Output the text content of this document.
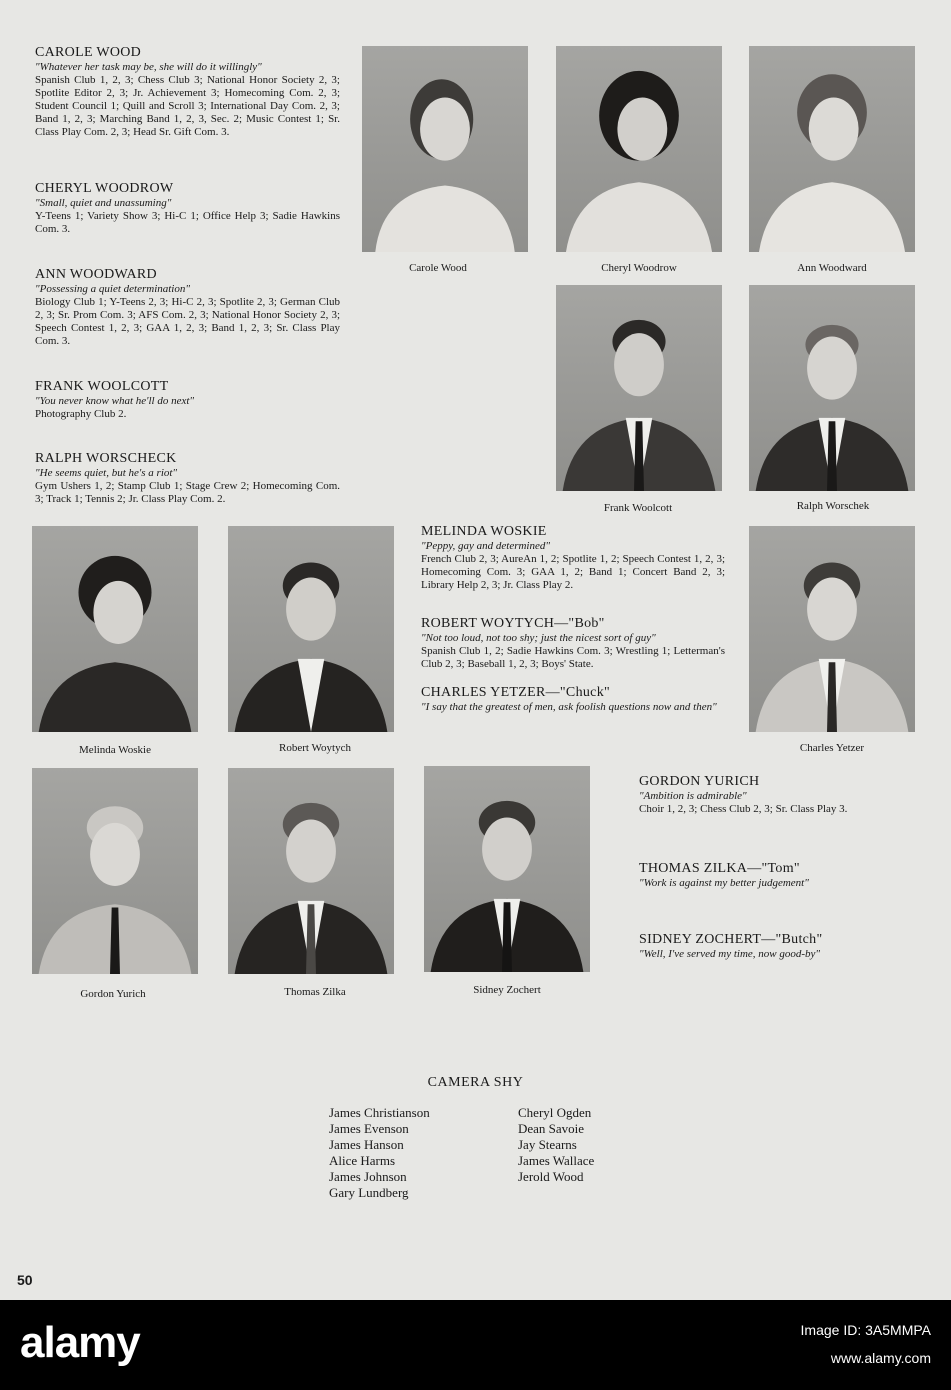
CAROLE WOOD
"Whatever her task may be, she will do it willingly"
Spanish Club 1, 2, 3; Chess Club 3; National Honor Society 2, 3; Spotlite Editor 2, 3; Jr. Achievement 3; Homecoming Com. 2, 3; Student Council 1; Quill and Scroll 3; International Day Com. 2, 3; Band 1, 2, 3; Marching Band 1, 2, 3, Sec. 2; Music Contest 1; Sr. Class Play Com. 2, 3; Head Sr. Gift Com. 3.
CHERYL WOODROW
"Small, quiet and unassuming"
Y-Teens 1; Variety Show 3; Hi-C 1; Office Help 3; Sadie Hawkins Com. 3.
ANN WOODWARD
"Possessing a quiet determination"
Biology Club 1; Y-Teens 2, 3; Hi-C 2, 3; Spotlite 2, 3; German Club 2, 3; Sr. Prom Com. 3; AFS Com. 2, 3; National Honor Society 2, 3; Speech Contest 1, 2, 3; GAA 1, 2, 3; Band 1, 2, 3; Sr. Class Play Com. 3.
FRANK WOOLCOTT
"You never know what he'll do next"
Photography Club 2.
RALPH WORSCHECK
"He seems quiet, but he's a riot"
Gym Ushers 1, 2; Stamp Club 1; Stage Crew 2; Homecoming Com. 3; Track 1; Tennis 2; Jr. Class Play Com. 2.
MELINDA WOSKIE
"Peppy, gay and determined"
French Club 2, 3; AureAn 1, 2; Spotlite 1, 2; Speech Contest 1, 2, 3; Homecoming Com. 3; GAA 1, 2; Band 1; Concert Band 2, 3; Library Help 2, 3; Jr. Class Play 2.
ROBERT WOYTYCH—"Bob"
"Not too loud, not too shy; just the nicest sort of guy"
Spanish Club 1, 2; Sadie Hawkins Com. 3; Wrestling 1; Letterman's Club 2, 3; Baseball 1, 2, 3; Boys' State.
CHARLES YETZER—"Chuck"
"I say that the greatest of men, ask foolish questions now and then"
GORDON YURICH
"Ambition is admirable"
Choir 1, 2, 3; Chess Club 2, 3; Sr. Class Play 3.
THOMAS ZILKA—"Tom"
"Work is against my better judgement"
SIDNEY ZOCHERT—"Butch"
"Well, I've served my time, now good-by"
Carole Wood	Cheryl Woodrow	Ann Woodward
Frank Woolcott	Ralph Worschek
Melinda Woskie	Robert Woytych	Charles Yetzer
Gordon Yurich	Thomas Zilka	Sidney Zochert
CAMERA SHY
James Christianson
James Evenson
James Hanson
Alice Harms
James Johnson
Gary Lundberg
Cheryl Ogden
Dean Savoie
Jay Stearns
James Wallace
Jerold Wood
50
alamy	Image ID: 3A5MMPA
www.alamy.com
